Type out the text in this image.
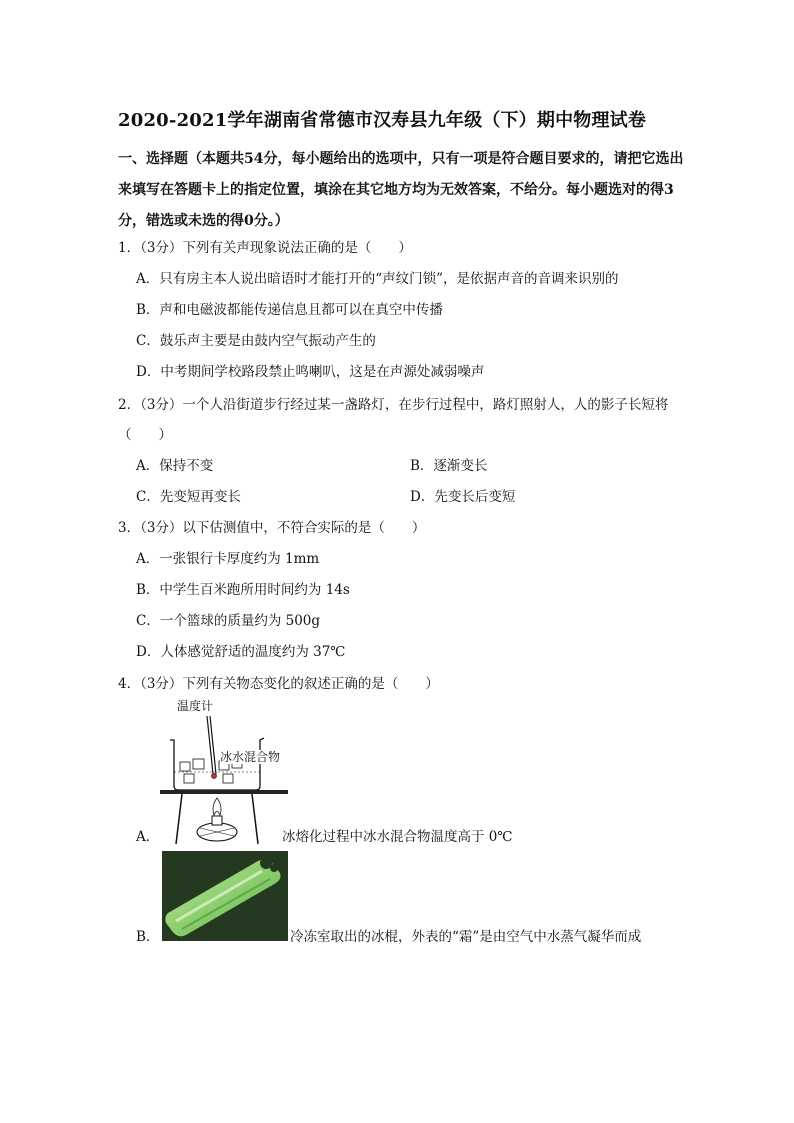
2020-2021学年湖南省常德市汉寿县九年级（下）期中物理试卷
一、选择题（本题共54分，每小题给出的选项中，只有一项是符合题目要求的，请把它选出来填写在答题卡上的指定位置，填涂在其它地方均为无效答案，不给分。每小题选对的得3分，错选或未选的得0分。）
1．（3分）下列有关声现象说法正确的是（　　）
A．只有房主本人说出暗语时才能打开的“声纹门锁”，是依据声音的音调来识别的
B．声和电磁波都能传递信息且都可以在真空中传播
C．鼓乐声主要是由鼓内空气振动产生的
D．中考期间学校路段禁止鸣喇叭，这是在声源处减弱噪声
2．（3分）一个人沿街道步行经过某一盏路灯，在步行过程中，路灯照射人，人的影子长短将（　　）
A．保持不变	B．逐渐变长
C．先变短再变长	D．先变长后变短
3．（3分）以下估测值中，不符合实际的是（　　）
A．一张银行卡厚度约为 1mm
B．中学生百米跑所用时间约为 14s
C．一个篮球的质量约为 500g
D．人体感觉舒适的温度约为 37℃
4．（3分）下列有关物态变化的叙述正确的是（　　）
温度计
冰水混合物
A．	冰熔化过程中冰水混合物温度高于 0℃
B．	冷冻室取出的冰棍，外表的“霜”是由空气中水蒸气凝华而成
